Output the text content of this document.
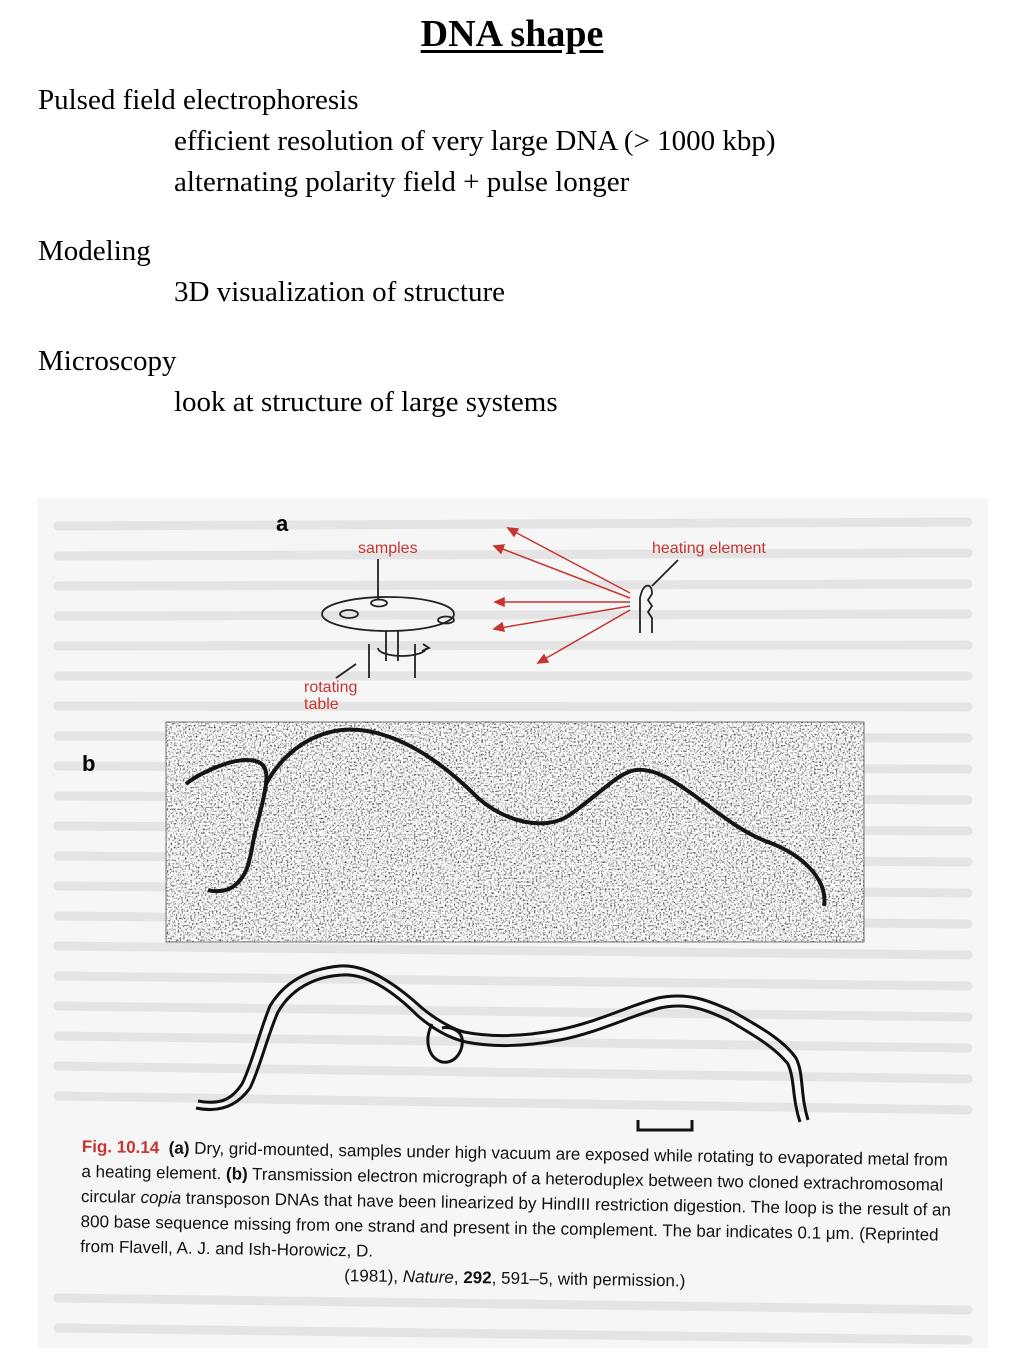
DNA shape

Pulsed field electrophoresis

efficient resolution of very large DNA (> 1000 kbp)

alternating polarity field + pulse longer

Modeling

3D visualization of structure

Microscopy

look at structure of large systems

a
samples	heating element
rotating
table
b
Fig. 10.14 (a) Dry, grid-mounted, samples under high vacuum are exposed while rotating to evaporated metal from a heating element. (b) Transmission electron micrograph of a heteroduplex between two cloned extrachromosomal circular copia transposon DNAs that have been linearized by HindIII restriction digestion. The loop is the result of an 800 base sequence missing from one strand and present in the complement. The bar indicates 0.1 μm. (Reprinted from Flavell, A. J. and Ish-Horowicz, D.
(1981), Nature, 292, 591–5, with permission.)
